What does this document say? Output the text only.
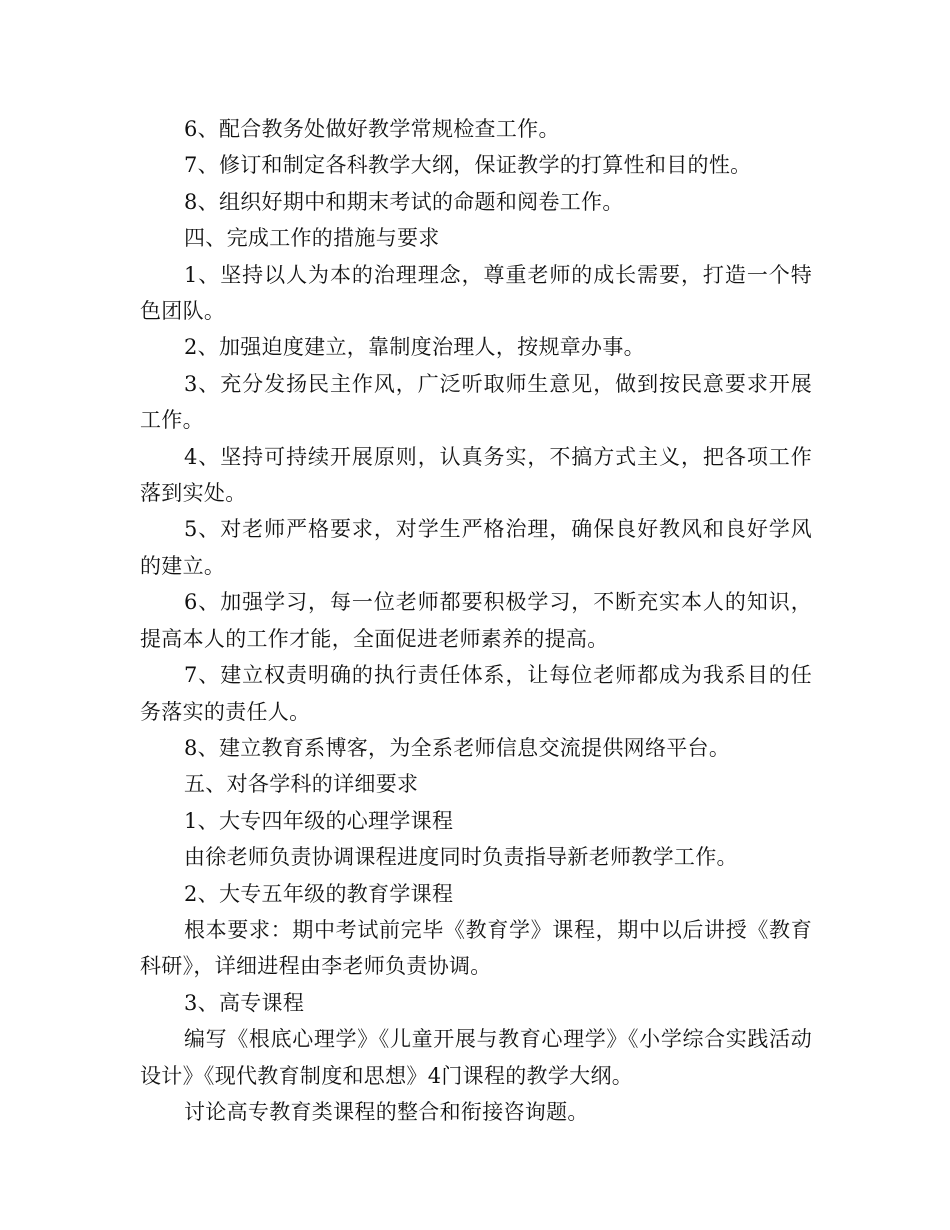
6、配合教务处做好教学常规检查工作。

7、修订和制定各科教学大纲，保证教学的打算性和目的性。

8、组织好期中和期末考试的命题和阅卷工作。

四、完成工作的措施与要求

1、坚持以人为本的治理理念，尊重老师的成长需要，打造一个特色团队。

2、加强迫度建立，靠制度治理人，按规章办事。

3、充分发扬民主作风，广泛听取师生意见，做到按民意要求开展工作。

4、坚持可持续开展原则，认真务实，不搞方式主义，把各项工作落到实处。

5、对老师严格要求，对学生严格治理，确保良好教风和良好学风的建立。

6、加强学习，每一位老师都要积极学习，不断充实本人的知识，提高本人的工作才能，全面促进老师素养的提高。

7、建立权责明确的执行责任体系，让每位老师都成为我系目的任务落实的责任人。

8、建立教育系博客，为全系老师信息交流提供网络平台。

五、对各学科的详细要求

1、大专四年级的心理学课程

由徐老师负责协调课程进度同时负责指导新老师教学工作。

2、大专五年级的教育学课程

根本要求：期中考试前完毕《教育学》课程，期中以后讲授《教育科研》，详细进程由李老师负责协调。

3、高专课程

编写《根底心理学》《儿童开展与教育心理学》《小学综合实践活动设计》《现代教育制度和思想》4门课程的教学大纲。

讨论高专教育类课程的整合和衔接咨询题。
